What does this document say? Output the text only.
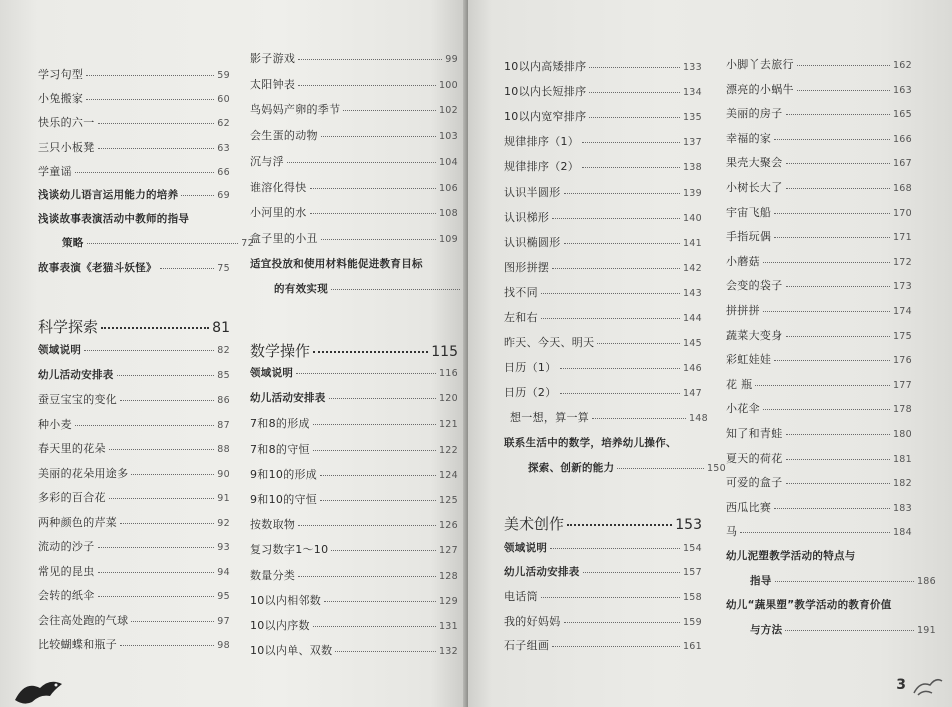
学习句型	59
小兔搬家	60
快乐的六一	62
三只小板凳	63
学童谣	66
浅谈幼儿语言运用能力的培养	69
浅谈故事表演活动中教师的指导
策略	72
故事表演《老猫斗妖怪》	75
科学探索	81
领域说明	82
幼儿活动安排表	85
蚕豆宝宝的变化	86
种小麦	87
春天里的花朵	88
美丽的花朵用途多	90
多彩的百合花	91
两种颜色的芹菜	92
流动的沙子	93
常见的昆虫	94
会转的纸伞	95
会往高处跑的气球	97
比较蝴蝶和瓶子	98
影子游戏	99
太阳钟表	100
鸟妈妈产卵的季节	102
会生蛋的动物	103
沉与浮	104
谁溶化得快	106
小河里的水	108
盒子里的小丑	109
适宜投放和使用材料能促进教育目标
的有效实现
数学操作	115
领域说明	116
幼儿活动安排表	120
7和8的形成	121
7和8的守恒	122
9和10的形成	124
9和10的守恒	125
按数取物	126
复习数字1～10	127
数量分类	128
10以内相邻数	129
10以内序数	131
10以内单、双数	132
10以内高矮排序	133
10以内长短排序	134
10以内宽窄排序	135
规律排序（1）	137
规律排序（2）	138
认识半圆形	139
认识梯形	140
认识椭圆形	141
图形拼摆	142
找不同	143
左和右	144
昨天、今天、明天	145
日历（1）	146
日历（2）	147
想一想，算一算	148
联系生活中的数学，培养幼儿操作、
探索、创新的能力	150
美术创作	153
领域说明	154
幼儿活动安排表	157
电话筒	158
我的好妈妈	159
石子组画	161
小脚丫去旅行	162
漂亮的小蜗牛	163
美丽的房子	165
幸福的家	166
果壳大聚会	167
小树长大了	168
宇宙飞船	170
手指玩偶	171
小蘑菇	172
会变的袋子	173
拼拼拼	174
蔬菜大变身	175
彩虹娃娃	176
花 瓶	177
小花伞	178
知了和青蛙	180
夏天的荷花	181
可爱的盒子	182
西瓜比赛	183
马	184
幼儿泥塑教学活动的特点与
指导	186
幼儿“蔬果塑”教学活动的教育价值
与方法	191
3
